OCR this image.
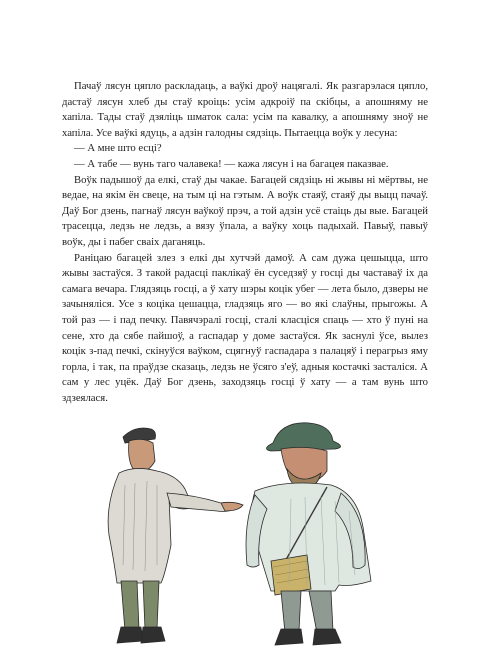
Пачаў лясун цяпло раскладаць, а ваўкі дроў нацягалі. Як разгарэлася цяпло, дастаў лясун хлеб ды стаў кроіць: усім адкроіў па скібцы, а апошняму не хапіла. Тады стаў дзяліць шматок сала: усім па кавалку, а апошняму зноў не хапіла. Усе ваўкі ядуць, а адзін галодны сядзіць. Пытаецца воўк у лесуна:

— А мне што есці?

— А табе — вунь таго чалавека! — кажа лясун і на багацея паказвае.

Воўк падышоў да елкі, стаў ды чакае. Багацей сядзіць ні жывы ні мёртвы, не ведае, на якім ён свеце, на тым ці на гэтым. А воўк стаяў, стаяў ды выцц пачаў. Даў Бог дзень, пагнаў лясун ваўкоў прэч, а той адзін усё стаіць ды вые. Багацей трасецца, ледзь не ледзь, а вязу ўпала, а ваўку хоць падыхай. Павыў, павыў воўк, ды і пабег сваіх даганяць.

Раніцаю багацей злез з елкі ды хутчэй дамоў. А сам дужа цешыцца, што жывы застаўся. З такой радасці паклікаў ён суседзяў у госці ды частаваў іх да самага вечара. Глядзяць госці, а ў хату шэры коцік убег — лета было, дзверы не зачыняліся. Усе з коціка цешацца, гладзяць яго — во які слаўны, прыгожы. А той раз — і пад печку. Павячэралі госці, сталі класціся спаць — хто ў пуні на сене, хто да сябе пайшоў, а гаспадар у доме застаўся. Як заснулі ўсе, вылез коцік з-пад печкі, скінуўся ваўком, сцягнуў гаспадара з палацяў і перагрыз яму горла, і так, па праўдзе сказаць, ледзь не ўсяго з'еў, адныя костачкі засталіся. А сам у лес уцёк. Даў Бог дзень, заходзяць госці ў хату — а там вунь што здзеялася.
